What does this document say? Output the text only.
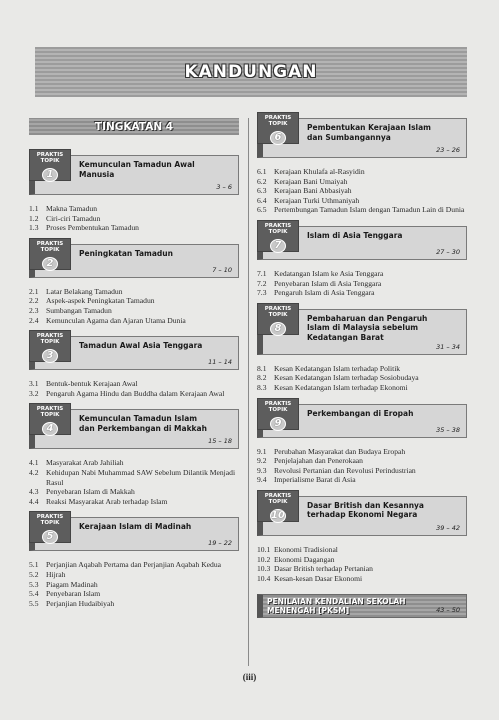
KANDUNGAN
TINGKATAN 4
PRAKTIS
TOPIK
1
Kemunculan Tamadun Awal Manusia
3 – 6
1.1 Makna Tamadun
1.2 Ciri-ciri Tamadun
1.3 Proses Pembentukan Tamadun
PRAKTIS
TOPIK
2
Peningkatan Tamadun
7 – 10
2.1 Latar Belakang Tamadun
2.2 Aspek-aspek Peningkatan Tamadun
2.3 Sumbangan Tamadun
2.4 Kemunculan Agama dan Ajaran Utama Dunia
PRAKTIS
TOPIK
3
Tamadun Awal Asia Tenggara
11 – 14
3.1 Bentuk-bentuk Kerajaan Awal
3.2 Pengaruh Agama Hindu dan Buddha dalam Kerajaan Awal
PRAKTIS
TOPIK
4
Kemunculan Tamadun Islam dan Perkembangan di Makkah
15 – 18
4.1 Masyarakat Arab Jahiliah
4.2 Kehidupan Nabi Muhammad SAW Sebelum Dilantik Menjadi Rasul
4.3 Penyebaran Islam di Makkah
4.4 Reaksi Masyarakat Arab terhadap Islam
PRAKTIS
TOPIK
5
Kerajaan Islam di Madinah
19 – 22
5.1 Perjanjian Aqabah Pertama dan Perjanjian Aqabah Kedua
5.2 Hijrah
5.3 Piagam Madinah
5.4 Penyebaran Islam
5.5 Perjanjian Hudaibiyah
PRAKTIS
TOPIK
6
Pembentukan Kerajaan Islam dan Sumbangannya
23 – 26
6.1 Kerajaan Khulafa al-Rasyidin
6.2 Kerajaan Bani Umaiyah
6.3 Kerajaan Bani Abbasiyah
6.4 Kerajaan Turki Uthmaniyah
6.5 Pertembungan Tamadun Islam dengan Tamadun Lain di Dunia
PRAKTIS
TOPIK
7
Islam di Asia Tenggara
27 – 30
7.1 Kedatangan Islam ke Asia Tenggara
7.2 Penyebaran Islam di Asia Tenggara
7.3 Pengaruh Islam di Asia Tenggara
PRAKTIS
TOPIK
8
Pembaharuan dan Pengaruh Islam di Malaysia sebelum Kedatangan Barat
31 – 34
8.1 Kesan Kedatangan Islam terhadap Politik
8.2 Kesan Kedatangan Islam terhadap Sosiobudaya
8.3 Kesan Kedatangan Islam terhadap Ekonomi
PRAKTIS
TOPIK
9
Perkembangan di Eropah
35 – 38
9.1 Perubahan Masyarakat dan Budaya Eropah
9.2 Penjelajahan dan Penerokaan
9.3 Revolusi Pertanian dan Revolusi Perindustrian
9.4 Imperialisme Barat di Asia
PRAKTIS
TOPIK
10
Dasar British dan Kesannya terhadap Ekonomi Negara
39 – 42
10.1 Ekonomi Tradisional
10.2 Ekonomi Dagangan
10.3 Dasar British terhadap Pertanian
10.4 Kesan-kesan Dasar Ekonomi
PENILAIAN KENDALIAN SEKOLAH MENENGAH [PKSM]	43 – 50
(iii)
